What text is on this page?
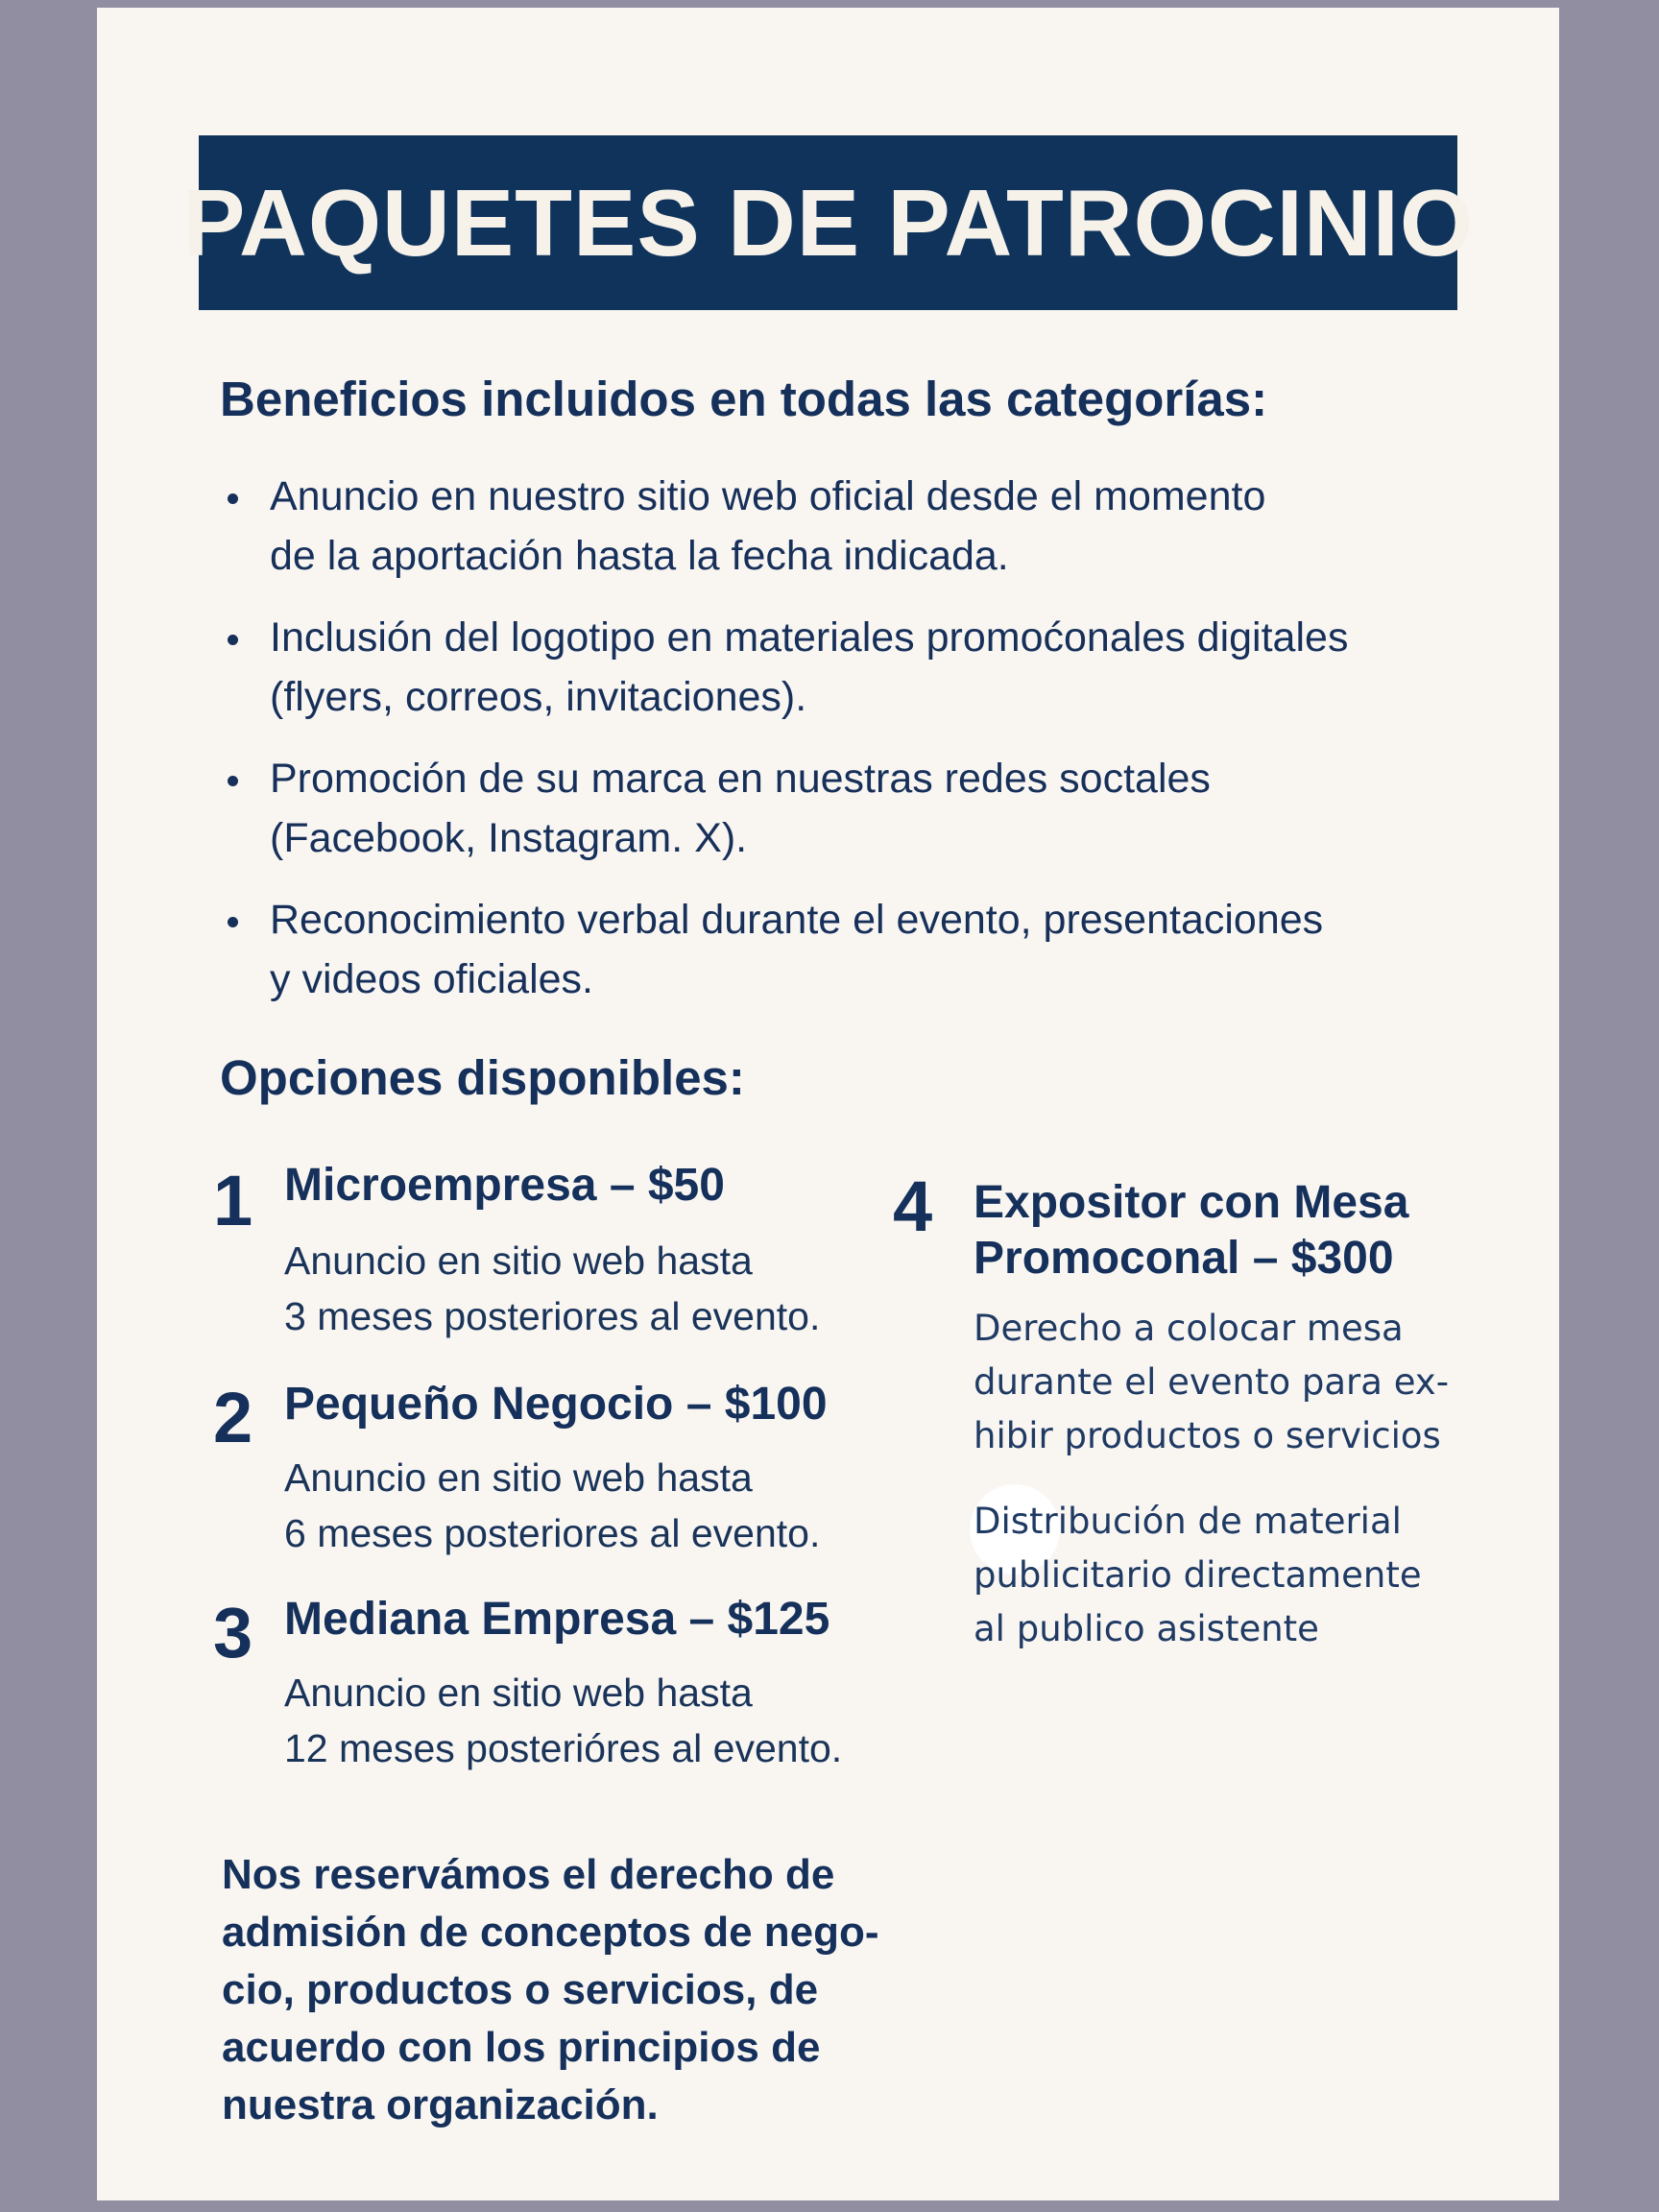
PAQUETES DE PATROCINIO
Beneficios incluidos en todas las categorías:
Anuncio en nuestro sitio web oficial desde el momento
de la aportación hasta la fecha indicada.
Inclusión del logotipo en materiales promoćonales digitales
(flyers, correos, invitaciones).
Promoción de su marca en nuestras redes soctales
(Facebook, Instagram. X).
Reconocimiento verbal durante el evento, presentaciones
y videos oficiales.
Opciones disponibles:
1 Microempresa – $50
Anuncio en sitio web hasta
3 meses posteriores al evento.
2 Pequeño Negocio – $100
Anuncio en sitio web hasta
6 meses posteriores al evento.
3 Mediana Empresa – $125
Anuncio en sitio web hasta
12 meses posterióres al evento.
4 Expositor con Mesa
Promoconal – $300
Derecho a colocar mesa
durante el evento para ex-
hibir productos o servicios
Distribución de material
publicitario directamente
al publico asistente
Nos reservámos el derecho de
admisión de conceptos de nego-
cio, productos o servicios, de
acuerdo con los principios de
nuestra organización.
